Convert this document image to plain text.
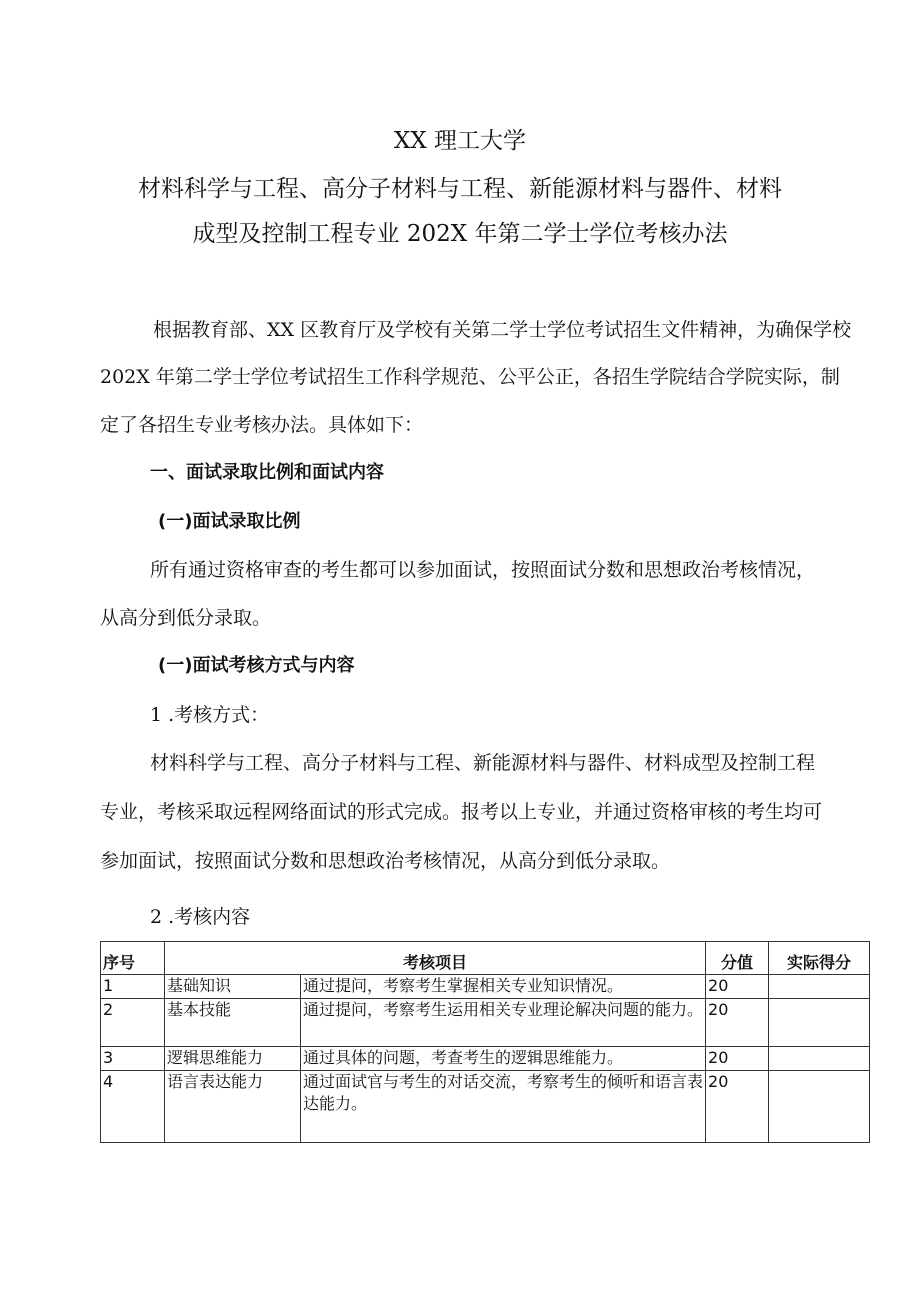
XX 理工大学
材料科学与工程、高分子材料与工程、新能源材料与器件、材料
成型及控制工程专业 202X 年第二学士学位考核办法
根据教育部、XX 区教育厅及学校有关第二学士学位考试招生文件精神，为确保学校
202X 年第二学士学位考试招生工作科学规范、公平公正，各招生学院结合学院实际，制
定了各招生专业考核办法。具体如下：
一、面试录取比例和面试内容
(一)面试录取比例
所有通过资格审查的考生都可以参加面试，按照面试分数和思想政治考核情况，
从高分到低分录取。
(一)面试考核方式与内容
1 .考核方式：
材料科学与工程、高分子材料与工程、新能源材料与器件、材料成型及控制工程
专业，考核采取远程网络面试的形式完成。报考以上专业，并通过资格审核的考生均可
参加面试，按照面试分数和思想政治考核情况，从高分到低分录取。
2 .考核内容
序号	考核项目		分值	实际得分
1	基础知识	通过提问，考察考生掌握相关专业知识情况。	20	
2	基本技能	通过提问，考察考生运用相关专业理论解决问题的能力。	20	
3	逻辑思维能力	通过具体的问题，考查考生的逻辑思维能力。	20	
4	语言表达能力	通过面试官与考生的对话交流，考察考生的倾听和语言表达能力。	20	
